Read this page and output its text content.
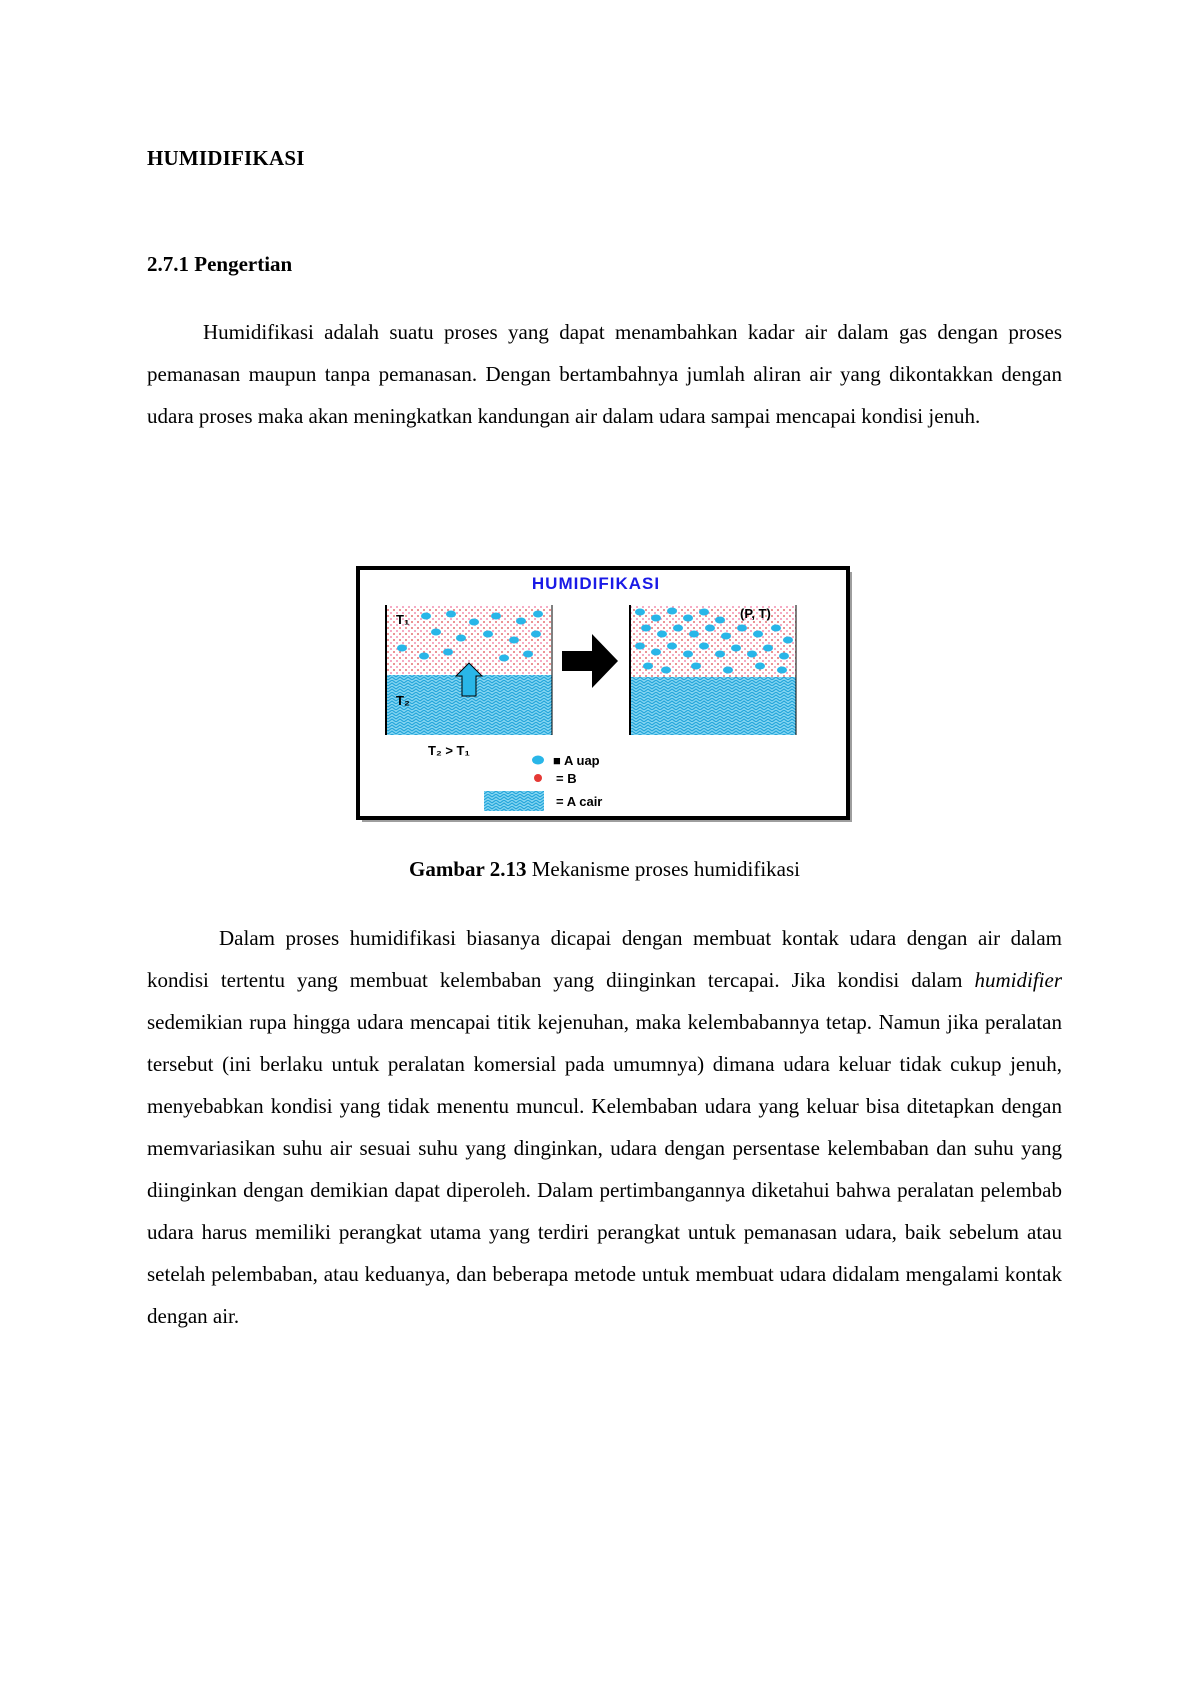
HUMIDIFIKASI
2.7.1 Pengertian

Humidifikasi adalah suatu proses yang dapat menambahkan kadar air dalam gas dengan proses pemanasan maupun tanpa pemanasan. Dengan bertambahnya jumlah aliran air yang dikontakkan dengan udara proses maka akan meningkatkan kandungan air dalam udara sampai mencapai kondisi jenuh.

HUMIDIFIKASI
T₁
T₂
(P, T)
T₂ > T₁
■ A uap
= B
= A cair
Gambar 2.13 Mekanisme proses humidifikasi

Dalam proses humidifikasi biasanya dicapai dengan membuat kontak udara dengan air dalam kondisi tertentu yang membuat kelembaban yang diinginkan tercapai. Jika kondisi dalam humidifier sedemikian rupa hingga udara mencapai titik kejenuhan, maka kelembabannya tetap. Namun jika peralatan tersebut (ini berlaku untuk peralatan komersial pada umumnya) dimana udara keluar tidak cukup jenuh, menyebabkan kondisi yang tidak menentu muncul. Kelembaban udara yang keluar bisa ditetapkan dengan memvariasikan suhu air sesuai suhu yang dinginkan, udara dengan persentase kelembaban dan suhu yang diinginkan dengan demikian dapat diperoleh. Dalam pertimbangannya diketahui bahwa peralatan pelembab udara harus memiliki perangkat utama yang terdiri perangkat untuk pemanasan udara, baik sebelum atau setelah pelembaban, atau keduanya, dan beberapa metode untuk membuat udara didalam mengalami kontak dengan air.
